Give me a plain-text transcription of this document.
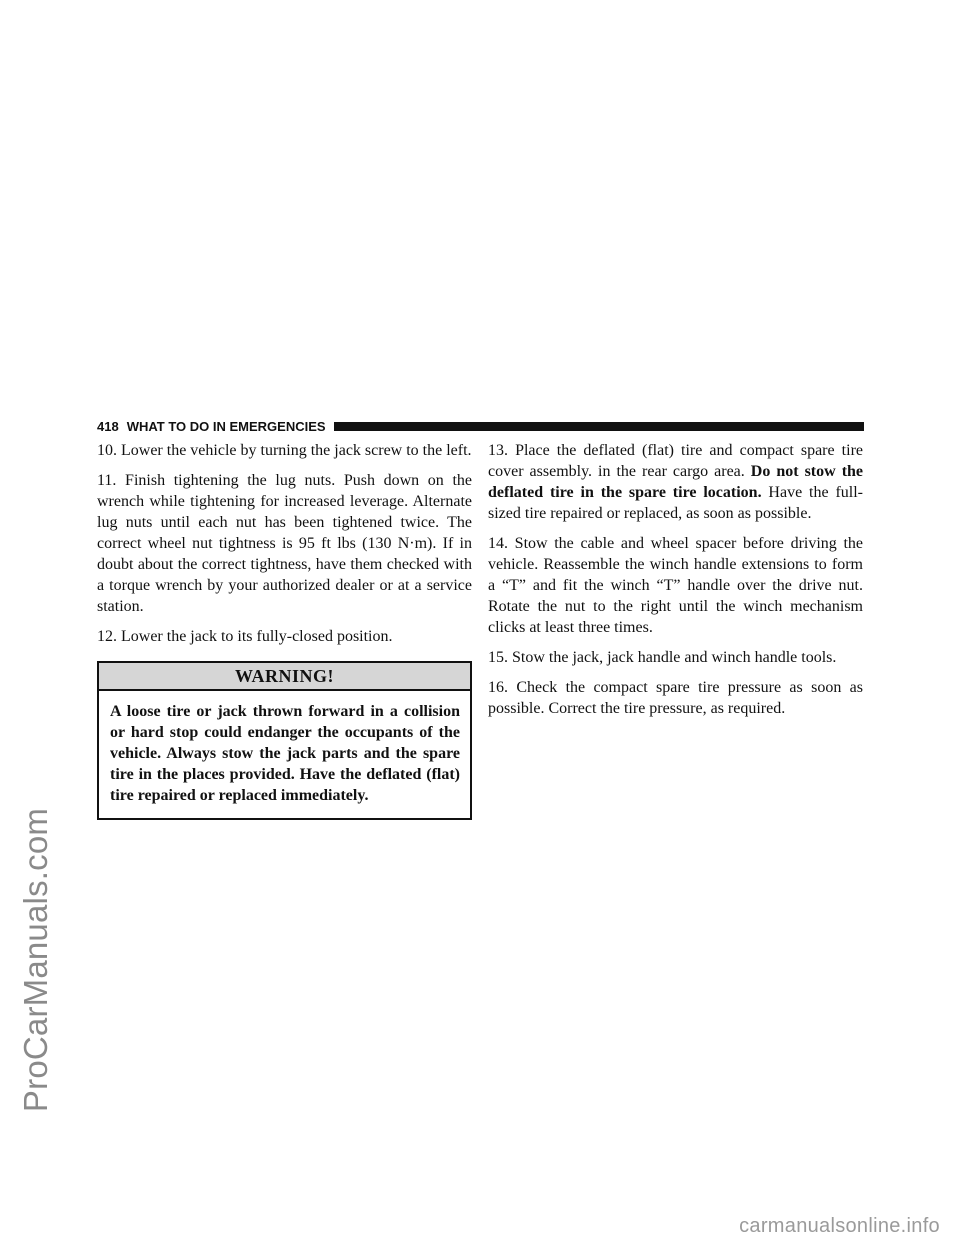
ProCarManuals.com
418 WHAT TO DO IN EMERGENCIES

10. Lower the vehicle by turning the jack screw to the left.

11. Finish tightening the lug nuts. Push down on the wrench while tightening for increased leverage. Alternate lug nuts until each nut has been tightened twice. The correct wheel nut tightness is 95 ft lbs (130 N·m). If in doubt about the correct tightness, have them checked with a torque wrench by your authorized dealer or at a service station.

12. Lower the jack to its fully-closed position.

WARNING!
A loose tire or jack thrown forward in a collision or hard stop could endanger the occupants of the vehicle. Always stow the jack parts and the spare tire in the places provided. Have the deflated (flat) tire repaired or replaced immediately.

13. Place the deflated (flat) tire and compact spare tire cover assembly. in the rear cargo area. Do not stow the deflated tire in the spare tire location. Have the full-sized tire repaired or replaced, as soon as possible.

14. Stow the cable and wheel spacer before driving the vehicle. Reassemble the winch handle extensions to form a “T” and fit the winch “T” handle over the drive nut. Rotate the nut to the right until the winch mechanism clicks at least three times.

15. Stow the jack, jack handle and winch handle tools.

16. Check the compact spare tire pressure as soon as possible. Correct the tire pressure, as required.

carmanualsonline.info
